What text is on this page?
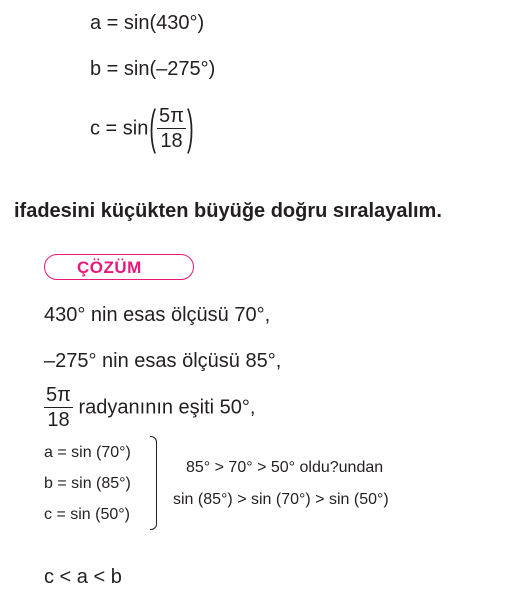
a = sin(430°)
b = sin(–275°)
$c = \sin( \frac{5\pi}{18}$ )
ifadesini küçükten büyüğe doğru sıralayalım.
ÇÖZÜM
430° nin esas ölçüsü 70°,
–275° nin esas ölçüsü 85°,
$\frac{5\pi}{18}$ radyanının eşiti 50°,
a = sin (70°)
b = sin (85°)
c = sin (50°)
85° > 70° > 50° oldu?undan
sin (85°) > sin (70°) > sin (50°)
c < a < b
